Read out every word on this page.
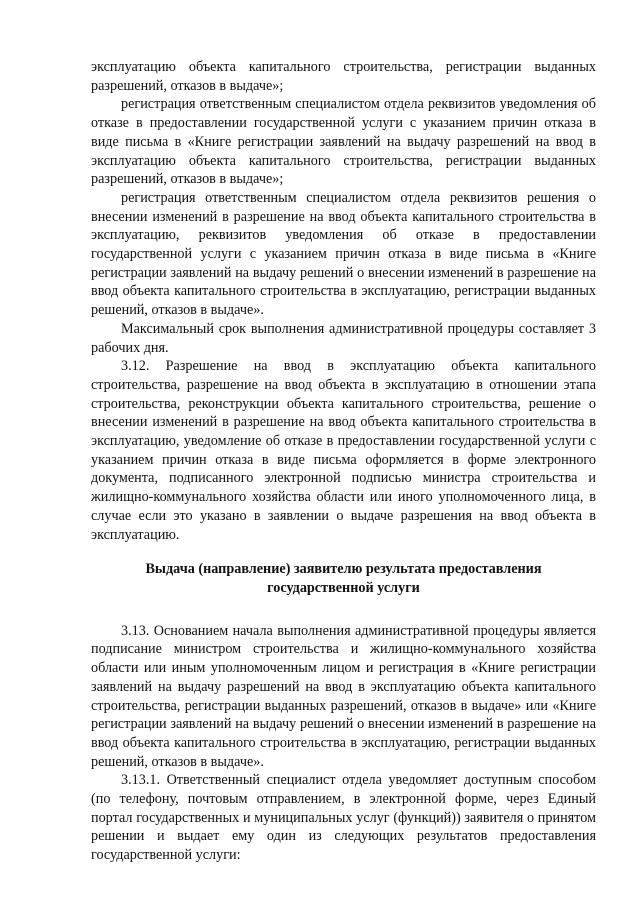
эксплуатацию объекта капитального строительства, регистрации выданных разрешений, отказов в выдаче»;

регистрация ответственным специалистом отдела реквизитов уведомления об отказе в предоставлении государственной услуги с указанием причин отказа в виде письма в «Книге регистрации заявлений на выдачу разрешений на ввод в эксплуатацию объекта капитального строительства, регистрации выданных разрешений, отказов в выдаче»;

регистрация ответственным специалистом отдела реквизитов решения о внесении изменений в разрешение на ввод объекта капитального строительства в эксплуатацию, реквизитов уведомления об отказе в предоставлении государственной услуги с указанием причин отказа в виде письма в «Книге регистрации заявлений на выдачу решений о внесении изменений в разрешение на ввод объекта капитального строительства в эксплуатацию, регистрации выданных решений, отказов в выдаче».

Максимальный срок выполнения административной процедуры составляет 3 рабочих дня.

3.12. Разрешение на ввод в эксплуатацию объекта капитального строительства, разрешение на ввод объекта в эксплуатацию в отношении этапа строительства, реконструкции объекта капитального строительства, решение о внесении изменений в разрешение на ввод объекта капитального строительства в эксплуатацию, уведомление об отказе в предоставлении государственной услуги с указанием причин отказа в виде письма оформляется в форме электронного документа, подписанного электронной подписью министра строительства и жилищно-коммунального хозяйства области или иного уполномоченного лица, в случае если это указано в заявлении о выдаче разрешения на ввод объекта в эксплуатацию.

Выдача (направление) заявителю результата предоставления государственной услуги

3.13. Основанием начала выполнения административной процедуры является подписание министром строительства и жилищно-коммунального хозяйства области или иным уполномоченным лицом и регистрация в «Книге регистрации заявлений на выдачу разрешений на ввод в эксплуатацию объекта капитального строительства, регистрации выданных разрешений, отказов в выдаче» или «Книге регистрации заявлений на выдачу решений о внесении изменений в разрешение на ввод объекта капитального строительства в эксплуатацию, регистрации выданных решений, отказов в выдаче».

3.13.1. Ответственный специалист отдела уведомляет доступным способом (по телефону, почтовым отправлением, в электронной форме, через Единый портал государственных и муниципальных услуг (функций)) заявителя о принятом решении и выдает ему один из следующих результатов предоставления государственной услуги:
